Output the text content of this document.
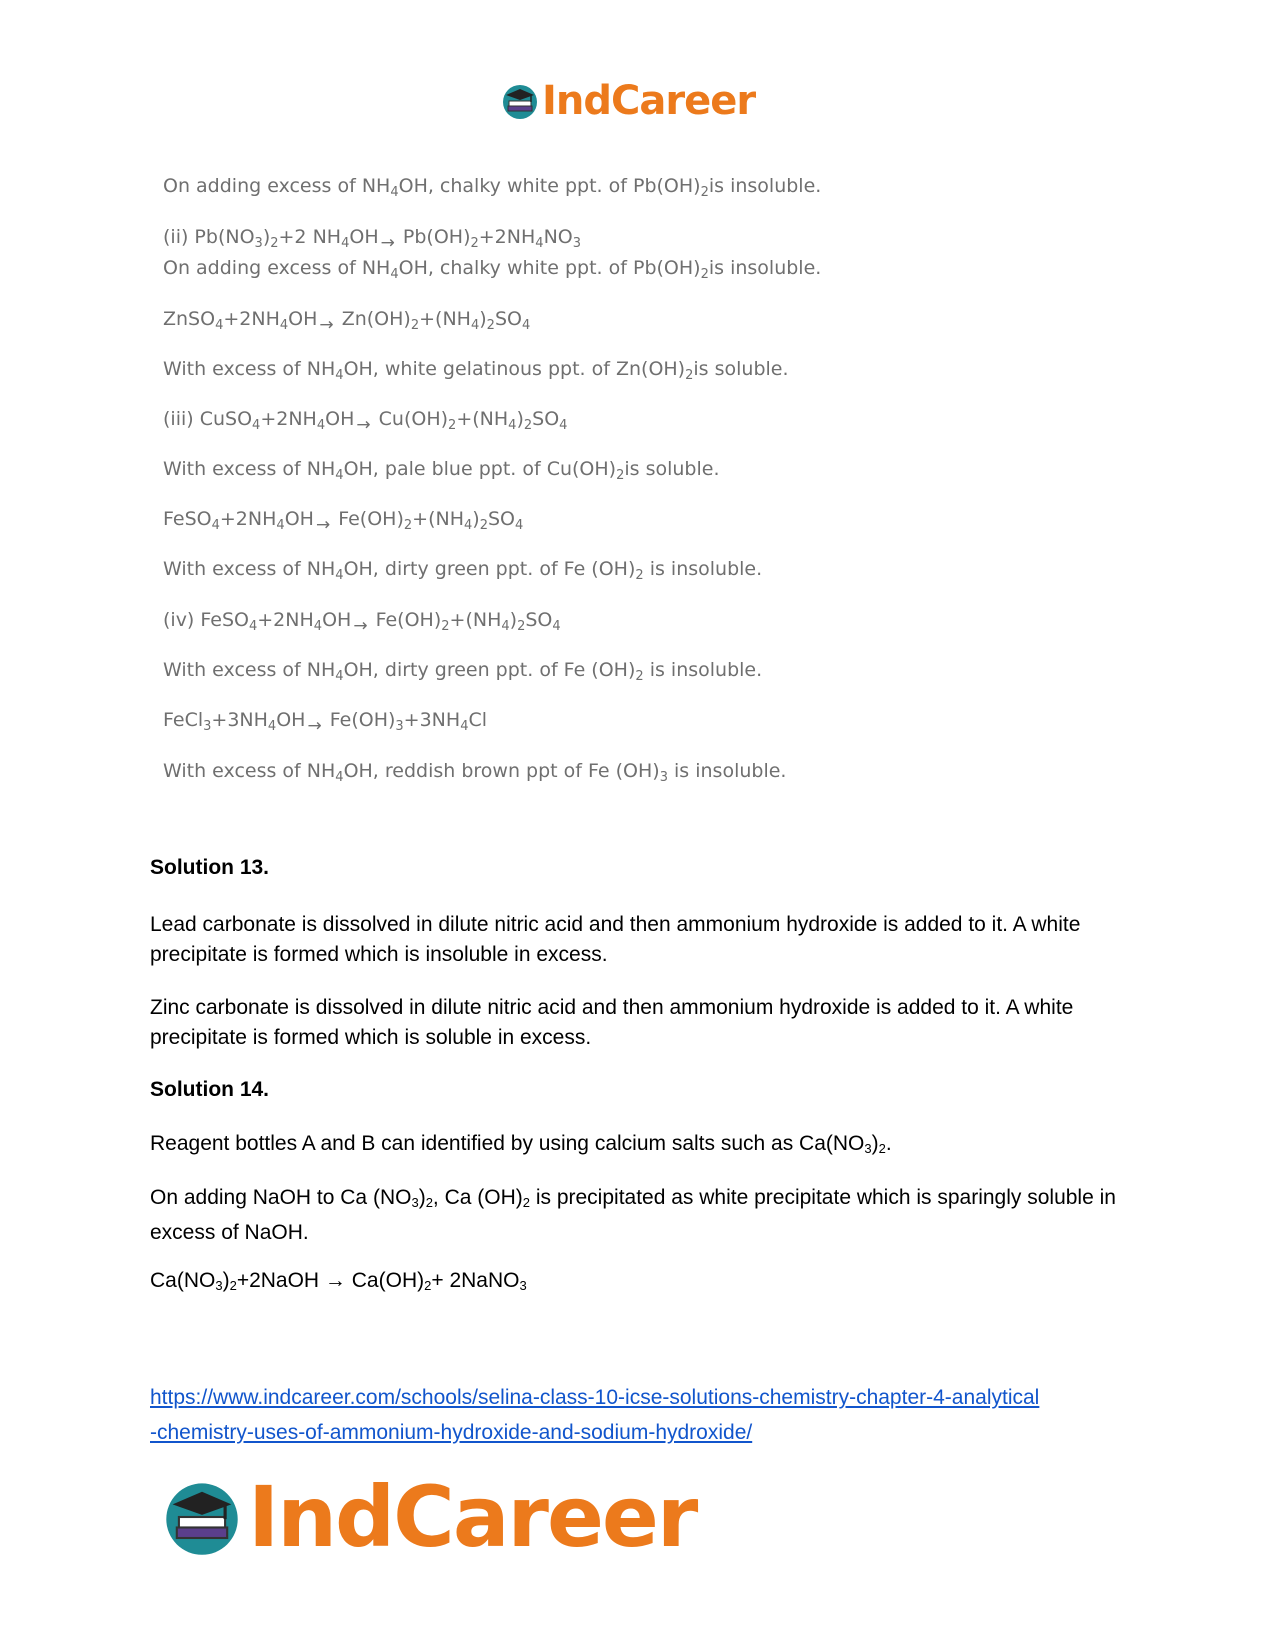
IndCareer
On adding excess of $NH_4OH$, chalky white ppt. of $Pb(OH)_2is$ insoluble.
(ii) $Pb(NO_3)_2+2$ $NH_4OH \to Pb(OH)_2+2NH_4NO_3$
On adding excess of $NH_4OH$, chalky white ppt. of $Pb(OH)_2is$ insoluble.
$ZnSO_4+2NH_4OH \to Zn(OH)_2+(NH_4)_2SO_4$
With excess of $NH_4OH$, white gelatinous ppt. of $Zn(OH)_2is$ soluble.
(iii) $CuSO_4+2NH_4OH \to Cu(OH)_2+(NH_4)_2SO_4$
With excess of $NH_4OH$, pale blue ppt. of $Cu(OH)_2is$ soluble.
$FeSO_4+2NH_4OH \to Fe(OH)_2+(NH_4)_2SO_4$
With excess of $NH_4OH$, dirty green ppt. of Fe $(OH)_2$ is insoluble.
(iv) $FeSO_4+2NH_4OH \to Fe(OH)_2+(NH_4)_2SO_4$
With excess of $NH_4OH$, dirty green ppt. of Fe $(OH)_2$ is insoluble.
$FeCl_3+3NH_4OH \to Fe(OH)_3+3NH_4Cl$
With excess of $NH_4OH$, reddish brown ppt of Fe $(OH)_3$ is insoluble.
Solution 13.
Lead carbonate is dissolved in dilute nitric acid and then ammonium hydroxide is added to it. A white precipitate is formed which is insoluble in excess.
Zinc carbonate is dissolved in dilute nitric acid and then ammonium hydroxide is added to it. A white precipitate is formed which is soluble in excess.
Solution 14.
Reagent bottles A and B can identified by using calcium salts such as $Ca(NO_3)_2$.
On adding NaOH to Ca $(NO_3)_2$, Ca $(OH)_2$ is precipitated as white precipitate which is sparingly soluble in excess of NaOH.
$Ca(NO_3)_2+2NaOH \to Ca(OH)_2+$ 2NaNO$_3$
https://www.indcareer.com/schools/selina-class-10-icse-solutions-chemistry-chapter-4-analytical
-chemistry-uses-of-ammonium-hydroxide-and-sodium-hydroxide/
IndCareer
